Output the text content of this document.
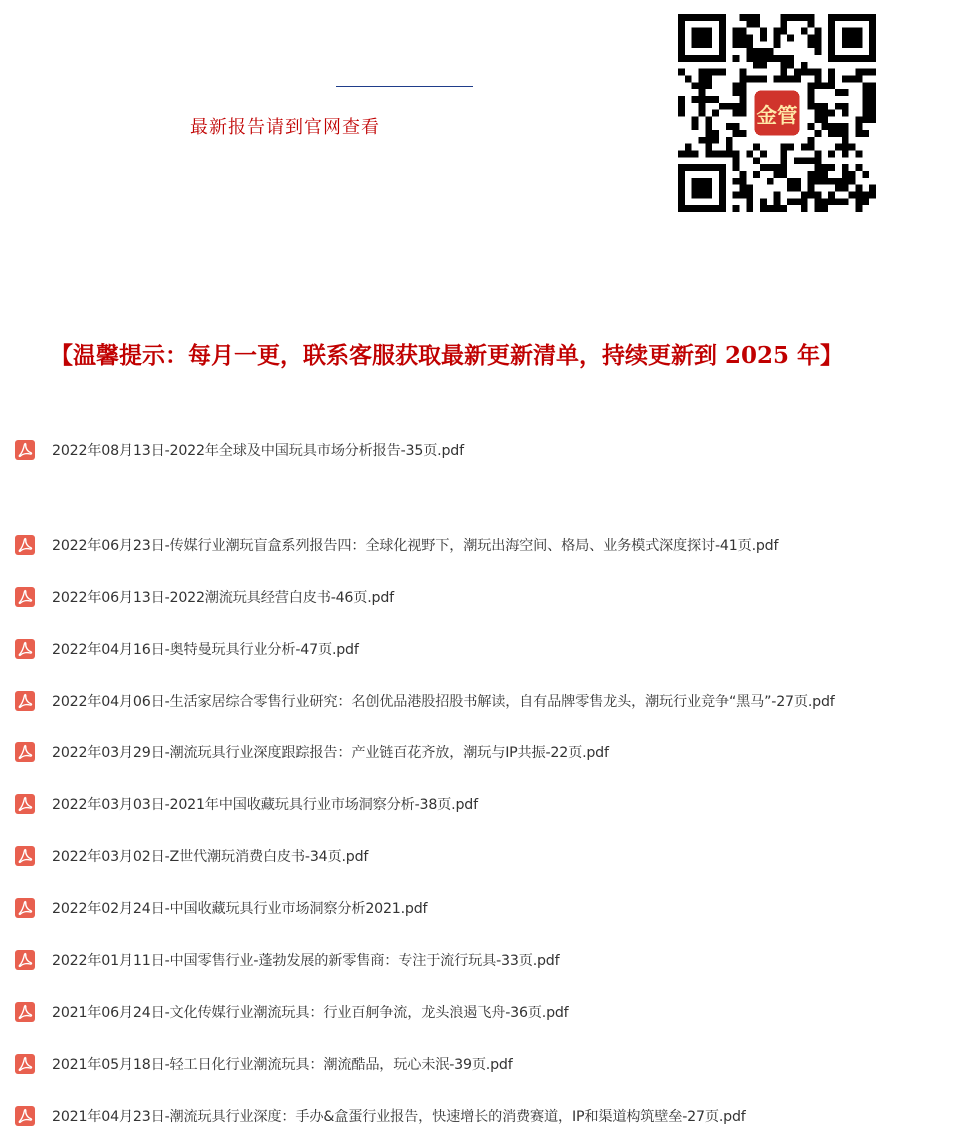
最新报告请到官网查看	金管
【温馨提示：每月一更，联系客服获取最新更新清单，持续更新到 2025 年】
2022年08月13日-2022年全球及中国玩具市场分析报告-35页.pdf
2022年06月23日-传媒行业潮玩盲盒系列报告四：全球化视野下，潮玩出海空间、格局、业务模式深度探讨-41页.pdf
2022年06月13日-2022潮流玩具经营白皮书-46页.pdf
2022年04月16日-奥特曼玩具行业分析-47页.pdf
2022年04月06日-生活家居综合零售行业研究：名创优品港股招股书解读，自有品牌零售龙头，潮玩行业竞争“黑马”-27页.pdf
2022年03月29日-潮流玩具行业深度跟踪报告：产业链百花齐放，潮玩与IP共振-22页.pdf
2022年03月03日-2021年中国收藏玩具行业市场洞察分析-38页.pdf
2022年03月02日-Z世代潮玩消费白皮书-34页.pdf
2022年02月24日-中国收藏玩具行业市场洞察分析2021.pdf
2022年01月11日-中国零售行业-蓬勃发展的新零售商：专注于流行玩具-33页.pdf
2021年06月24日-文化传媒行业潮流玩具：行业百舸争流，龙头浪遏飞舟-36页.pdf
2021年05月18日-轻工日化行业潮流玩具：潮流酷品，玩心未泯-39页.pdf
2021年04月23日-潮流玩具行业深度：手办&盒蛋行业报告，快速增长的消费赛道，IP和渠道构筑壁垒-27页.pdf
